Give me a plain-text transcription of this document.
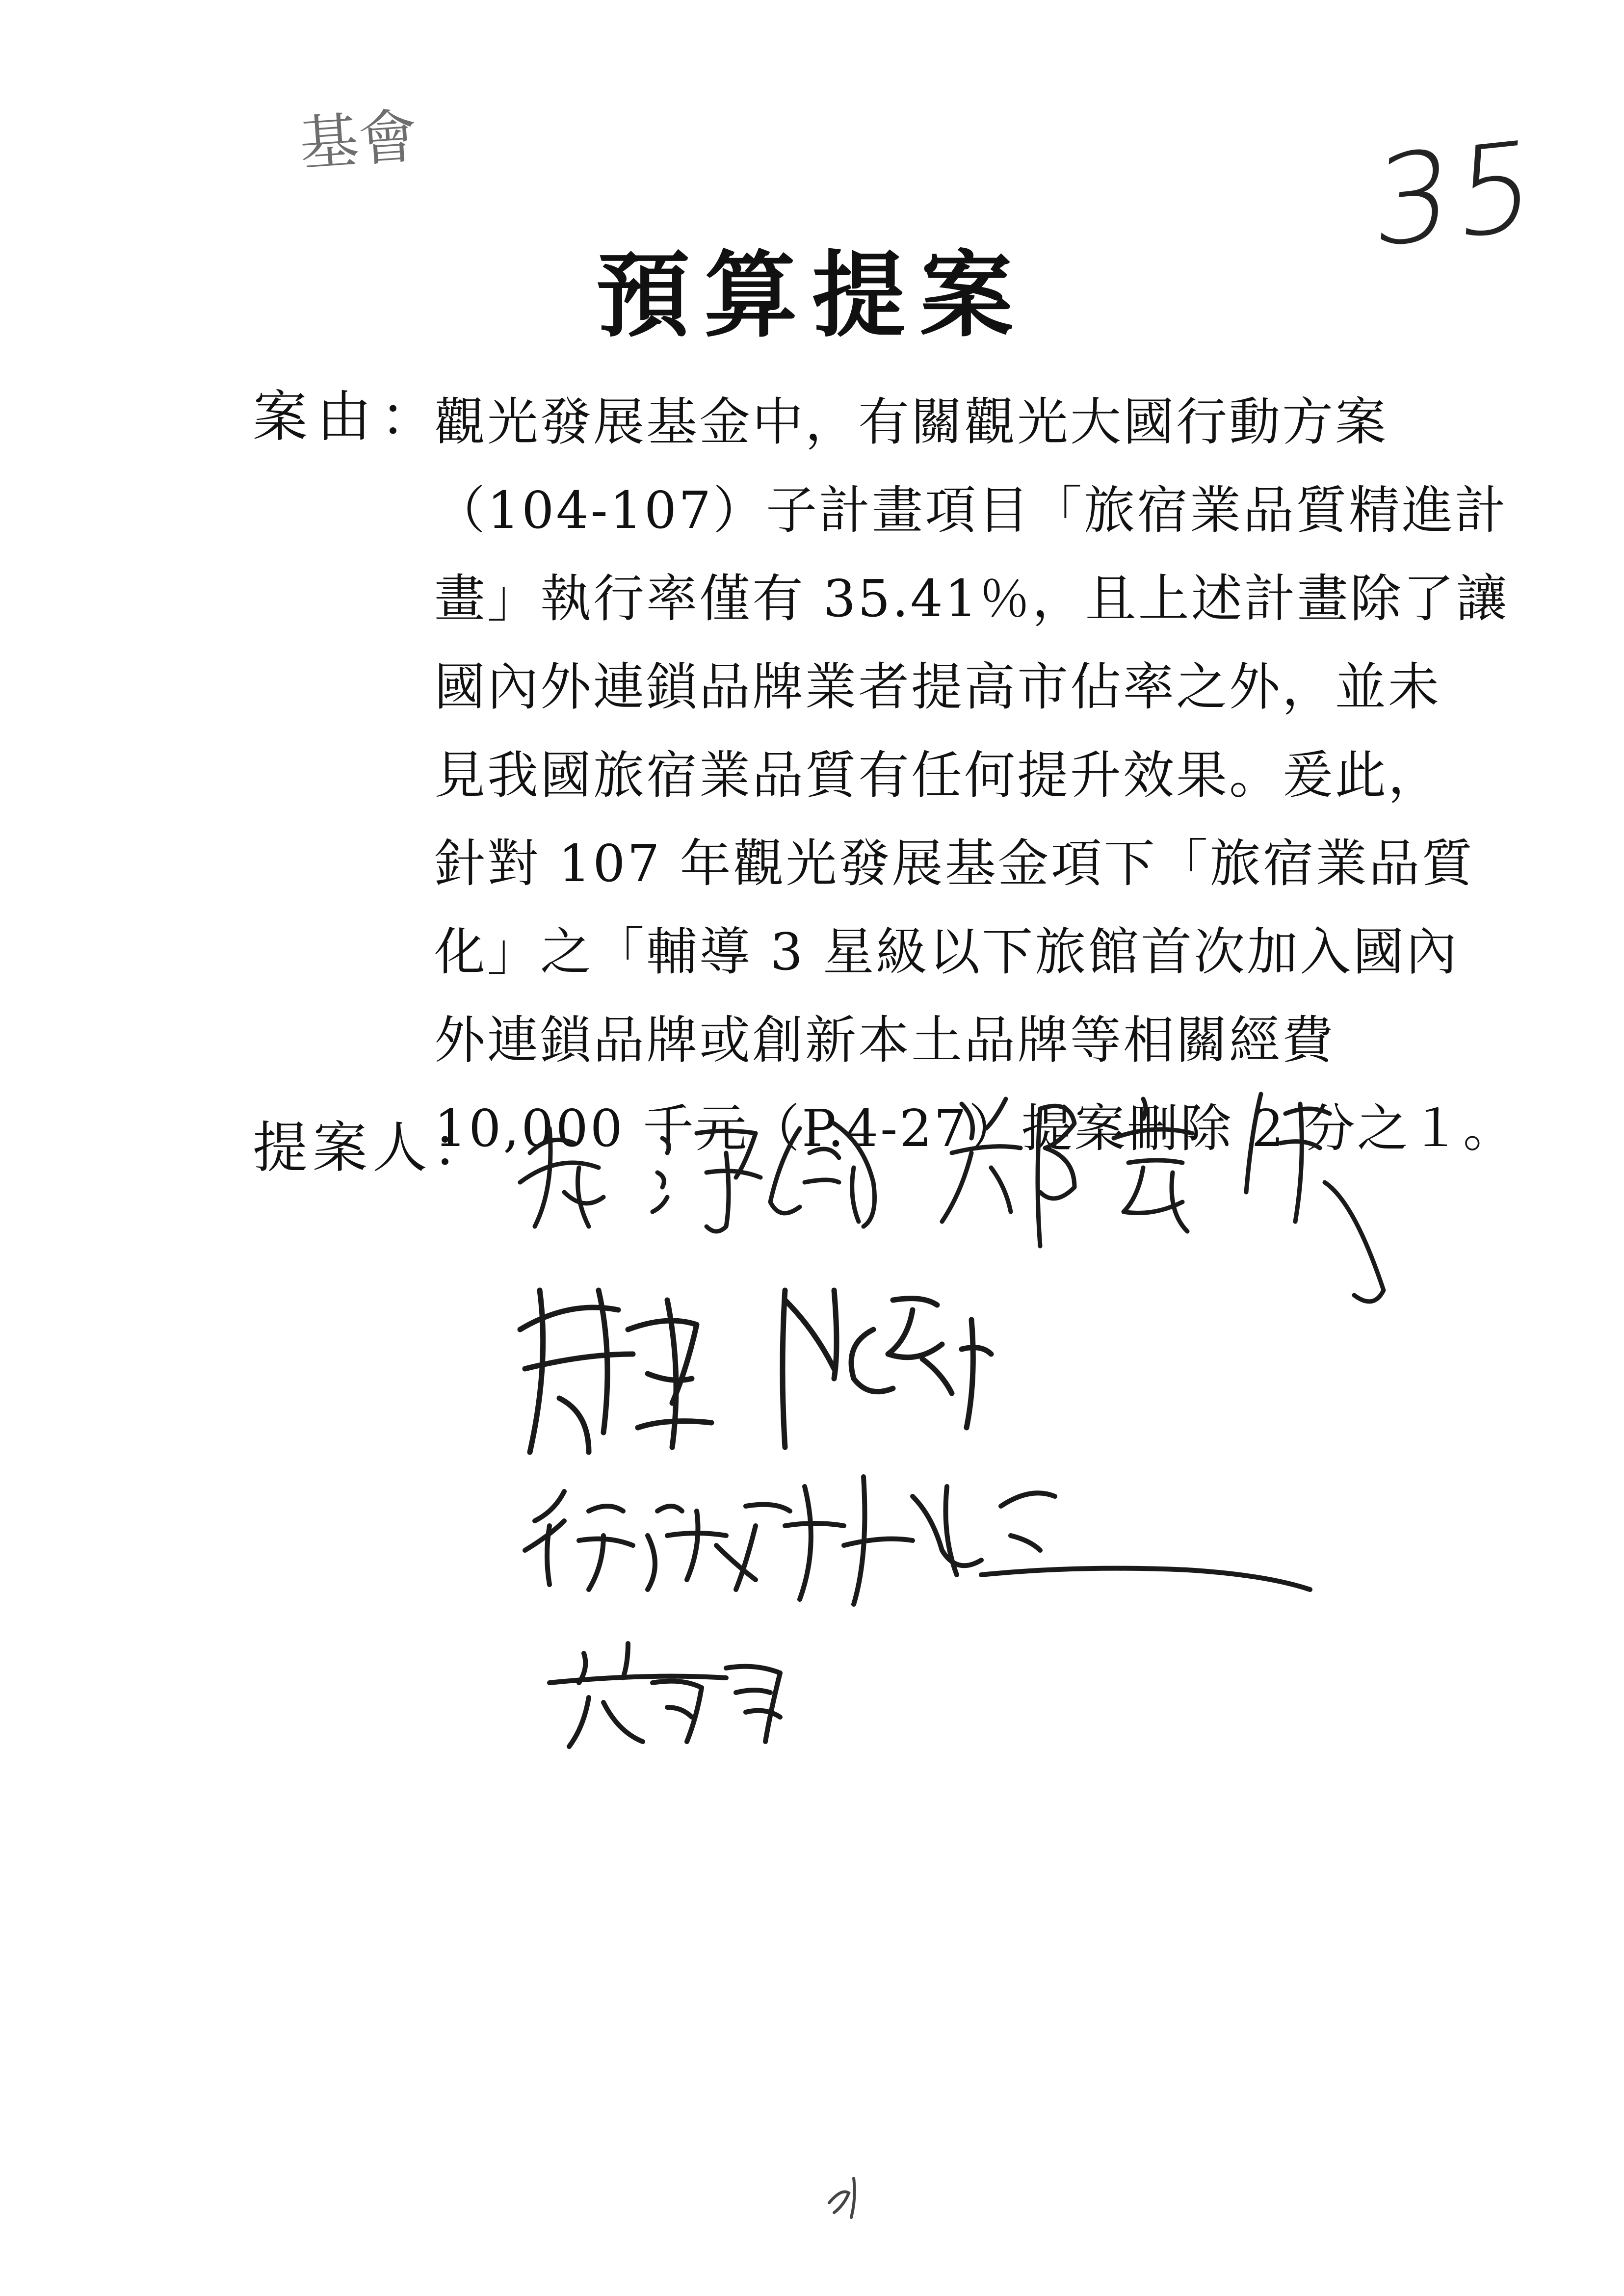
基會	35
預算提案
案由：
觀光發展基金中，有關觀光大國行動方案
（104-107）子計畫項目「旅宿業品質精進計
畫」執行率僅有 35.41％，且上述計畫除了讓
國內外連鎖品牌業者提高市佔率之外，並未
見我國旅宿業品質有任何提升效果。爰此，
針對 107 年觀光發展基金項下「旅宿業品質
化」之「輔導 3 星級以下旅館首次加入國內
外連鎖品牌或創新本土品牌等相關經費
10,000 千元（P.4-27）提案刪除 2 分之１。
提案人：
